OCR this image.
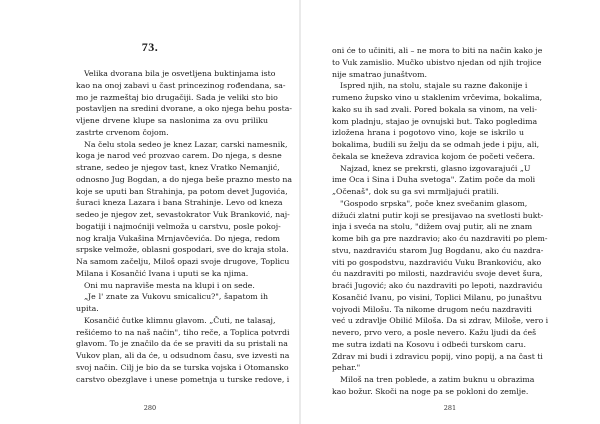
73.
Velika dvorana bila je osvetljena buktinjama isto
kao na onoj zabavi u čast princezinog rođendana, sa-
mo je razmeštaj bio drugačiji. Sada je veliki sto bio
postavljen na sredini dvorane, a oko njega behu posta-
vljene drvene klupe sa naslonima za ovu priliku
zastrte crvenom čojom.
Na čelu stola sedeo je knez Lazar, carski namesnik,
koga je narod već prozvao carem. Do njega, s desne
strane, sedeo je njegov tast, knez Vratko Nemanjić,
odnosno Jug Bogdan, a do njega beše prazno mesto na
koje se uputi ban Strahinja, pa potom devet Jugovića,
šuraci kneza Lazara i bana Strahinje. Levo od kneza
sedeo je njegov zet, sevastokrator Vuk Branković, naj-
bogatiji i najmoćniji velmoža u carstvu, posle pokoj-
nog kralja Vukašina Mrnjavčevića. Do njega, redom
srpske velmože, oblasni gospodari, sve do kraja stola.
Na samom začelju, Miloš opazi svoje drugove, Toplicu
Milana i Kosančić Ivana i uputi se ka njima.
Oni mu napraviše mesta na klupi i on sede.
„Je l' znate za Vukovu smicalicu?", šapatom ih
upita.
Kosančić čutke klimnu glavom. „Čuti, ne talasaj,
rešićemo to na naš način", tiho reče, a Toplica potvrdi
glavom. To je značilo da će se praviti da su pristali na
Vukov plan, ali da će, u odsudnom času, sve izvesti na
svoj način. Cilj je bio da se turska vojska i Otomansko
carstvo obezglave i unese pometnja u turske redove, i
280
oni će to učiniti, ali – ne mora to biti na način kako je
to Vuk zamislio. Mučko ubistvo njedan od njih trojice
nije smatrao junaštvom.
Ispred njih, na stolu, stajale su razne đakonije i
rumeno župsko vino u staklenim vrčevima, bokalima,
kako su ih sad zvali. Pored bokala sa vinom, na veli-
kom pladnju, stajao je ovnujski but. Tako pogledima
izložena hrana i pogotovo vino, koje se iskrilo u
bokalima, budili su želju da se odmah jede i piju, ali,
čekala se kneževa zdravica kojom će početi večera.
Najzad, knez se prekrsti, glasno izgovarajući „U
ime Oca i Sina i Duha svetoga". Zatim poče da moli
„Očenaš", dok su ga svi mrmljajući pratili.
"Gospodo srpska", poče knez svečanim glasom,
dižući zlatni putir koji se presijavao na svetlosti bukt-
inja i sveća na stolu, "dižem ovaj putir, ali ne znam
kome bih ga pre nazdravio; ako ću nazdraviti po plem-
stvu, nazdraviću starom Jug Bogdanu, ako ću nazdra-
viti po gospodstvu, nazdraviću Vuku Brankoviću, ako
ću nazdraviti po milosti, nazdraviću svoje devet šura,
braći Jugović; ako ću nazdraviti po lepoti, nazdraviću
Kosančić Ivanu, po visini, Toplici Milanu, po junaštvu
vojvodi Milošu. Ta nikome drugom neću nazdraviti
već u zdravlje Obilić Miloša. Da si zdrav, Miloše, vero i
nevero, prvo vero, a posle nevero. Kažu ljudi da ćeš
me sutra izdati na Kosovu i odbeći turskom caru.
Zdrav mi budi i zdravicu popij, vino popij, a na čast ti
pehar."
Miloš na tren poblede, a zatim buknu u obrazima
kao božur. Skoči na noge pa se pokloni do zemlje.
281
